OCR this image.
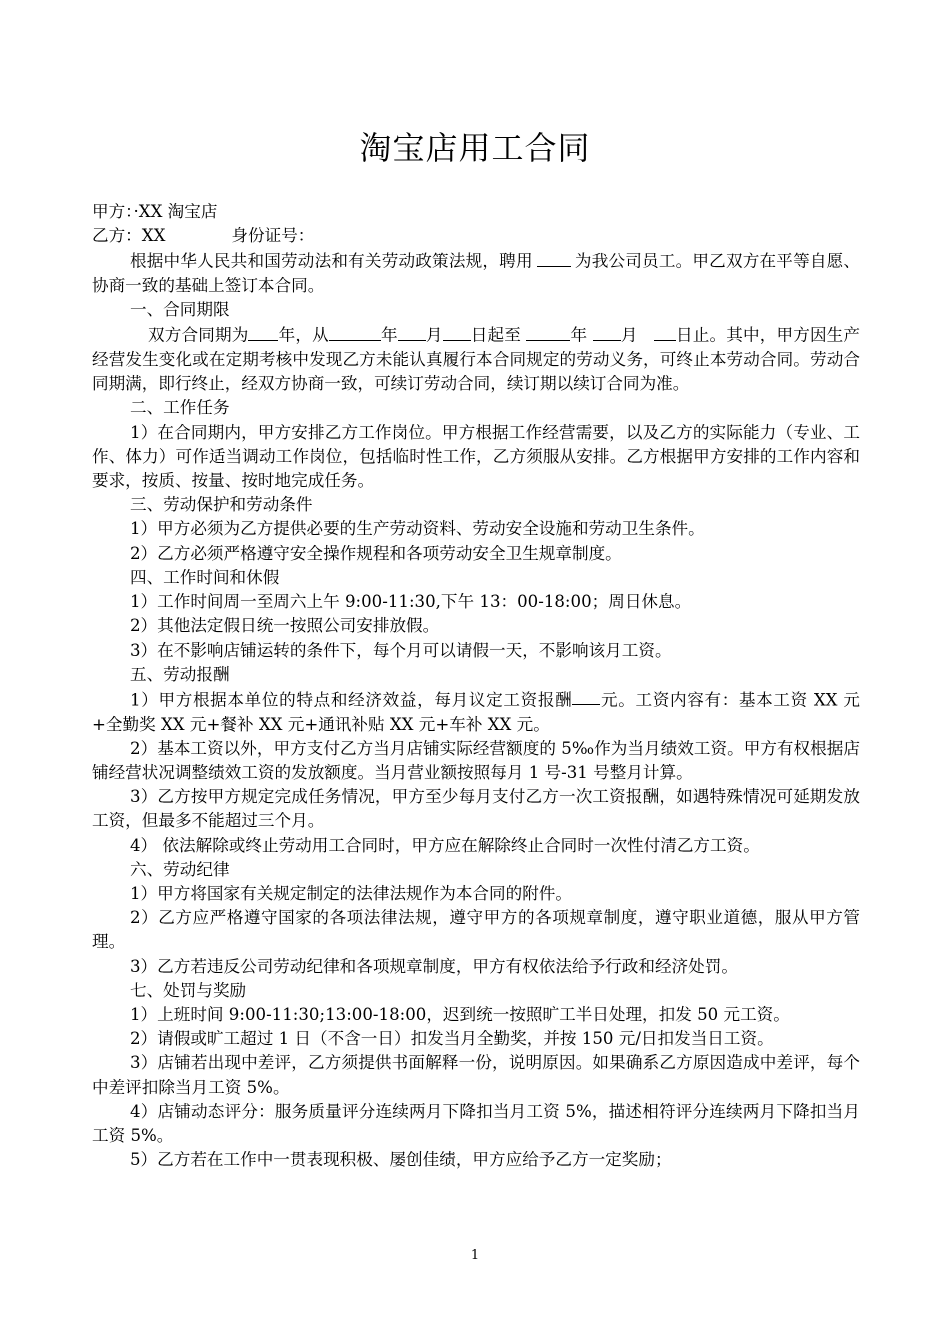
淘宝店用工合同

甲方：·XX 淘宝店

乙方：XX	身份证号：

根据中华人民共和国劳动法和有关劳动政策法规，聘用	为我公司员工。甲乙双方在平等自愿、协商一致的基础上签订本合同。

一、合同期限

双方合同期为 年，从	年 月 日起至	年 月 日止。其中，甲方因生产经营发生变化或在定期考核中发现乙方未能认真履行本合同规定的劳动义务，可终止本劳动合同。劳动合同期满，即行终止，经双方协商一致，可续订劳动合同，续订期以续订合同为准。

二、工作任务

1）在合同期内，甲方安排乙方工作岗位。甲方根据工作经营需要，以及乙方的实际能力（专业、工作、体力）可作适当调动工作岗位，包括临时性工作，乙方须服从安排。乙方根据甲方安排的工作内容和要求，按质、按量、按时地完成任务。

三、劳动保护和劳动条件

1）甲方必须为乙方提供必要的生产劳动资料、劳动安全设施和劳动卫生条件。

2）乙方必须严格遵守安全操作规程和各项劳动安全卫生规章制度。

四、工作时间和休假

1）工作时间周一至周六上午 9:00-11:30,下午 13：00-18:00；周日休息。

2）其他法定假日统一按照公司安排放假。

3）在不影响店铺运转的条件下，每个月可以请假一天，不影响该月工资。

五、劳动报酬

1）甲方根据本单位的特点和经济效益，每月议定工资报酬 元。工资内容有：基本工资 XX 元+全勤奖 XX 元+餐补 XX 元+通讯补贴 XX 元+车补 XX 元。

2）基本工资以外，甲方支付乙方当月店铺实际经营额度的 5‰作为当月绩效工资。甲方有权根据店铺经营状况调整绩效工资的发放额度。当月营业额按照每月 1 号-31 号整月计算。

3）乙方按甲方规定完成任务情况，甲方至少每月支付乙方一次工资报酬，如遇特殊情况可延期发放工资，但最多不能超过三个月。

4） 依法解除或终止劳动用工合同时，甲方应在解除终止合同时一次性付清乙方工资。

六、劳动纪律

1）甲方将国家有关规定制定的法律法规作为本合同的附件。

2）乙方应严格遵守国家的各项法律法规，遵守甲方的各项规章制度，遵守职业道德，服从甲方管理。

3）乙方若违反公司劳动纪律和各项规章制度，甲方有权依法给予行政和经济处罚。

七、处罚与奖励

1）上班时间 9:00-11:30;13:00-18:00，迟到统一按照旷工半日处理，扣发 50 元工资。

2）请假或旷工超过 1 日（不含一日）扣发当月全勤奖，并按 150 元/日扣发当日工资。

3）店铺若出现中差评，乙方须提供书面解释一份，说明原因。如果确系乙方原因造成中差评，每个中差评扣除当月工资 5%。

4）店铺动态评分：服务质量评分连续两月下降扣当月工资 5%，描述相符评分连续两月下降扣当月工资 5%。

5）乙方若在工作中一贯表现积极、屡创佳绩，甲方应给予乙方一定奖励；

1
